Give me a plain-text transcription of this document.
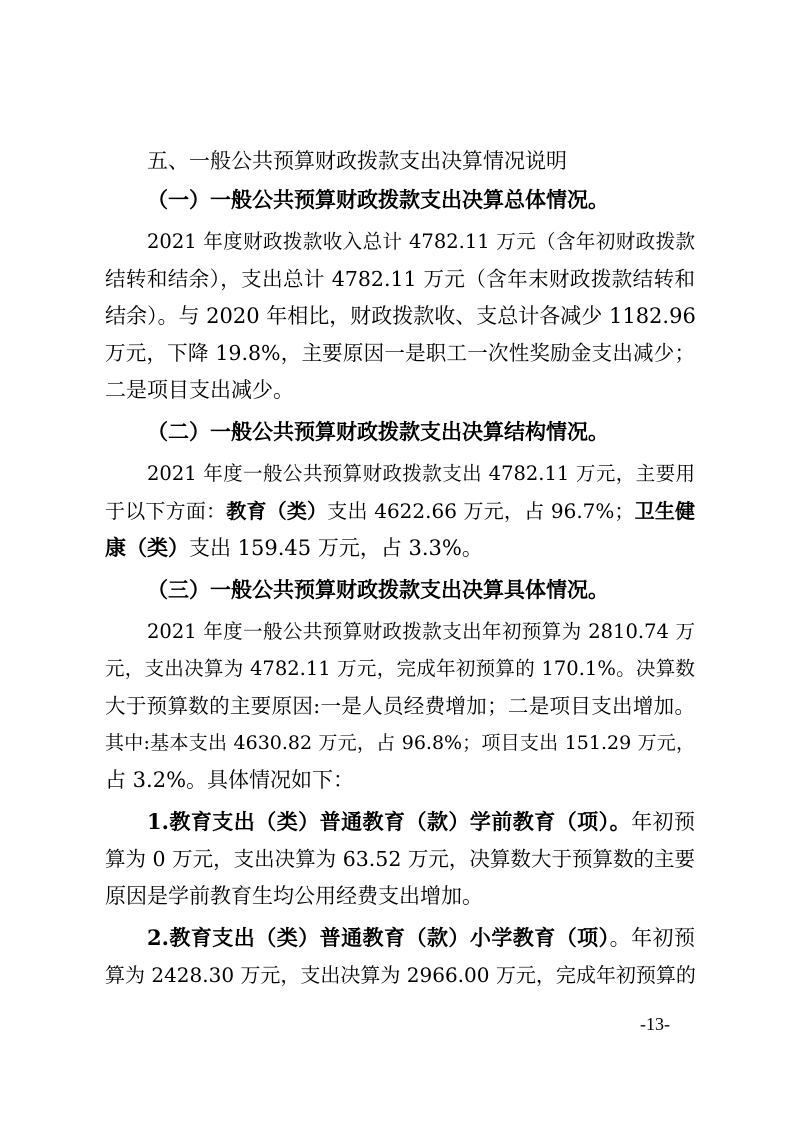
五、一般公共预算财政拨款支出决算情况说明
（一）一般公共预算财政拨款支出决算总体情况。
2021 年度财政拨款收入总计 4782.11 万元（含年初财政拨款
结转和结余），支出总计 4782.11 万元（含年末财政拨款结转和
结余）。与 2020 年相比，财政拨款收、支总计各减少 1182.96
万元，下降 19.8%，主要原因一是职工一次性奖励金支出减少；
二是项目支出减少。
（二）一般公共预算财政拨款支出决算结构情况。
2021 年度一般公共预算财政拨款支出 4782.11 万元，主要用
于以下方面：教育（类）支出 4622.66 万元，占 96.7%；卫生健
康（类）支出 159.45 万元，占 3.3%。
（三）一般公共预算财政拨款支出决算具体情况。
2021 年度一般公共预算财政拨款支出年初预算为 2810.74 万
元，支出决算为 4782.11 万元，完成年初预算的 170.1%。决算数
大于预算数的主要原因:一是人员经费增加；二是项目支出增加。
其中:基本支出 4630.82 万元，占 96.8%；项目支出 151.29 万元，
占 3.2%。具体情况如下：
1.教育支出（类）普通教育（款）学前教育（项）。年初预
算为 0 万元，支出决算为 63.52 万元，决算数大于预算数的主要
原因是学前教育生均公用经费支出增加。
2.教育支出（类）普通教育（款）小学教育（项）。年初预
算为 2428.30 万元，支出决算为 2966.00 万元，完成年初预算的
-13-
